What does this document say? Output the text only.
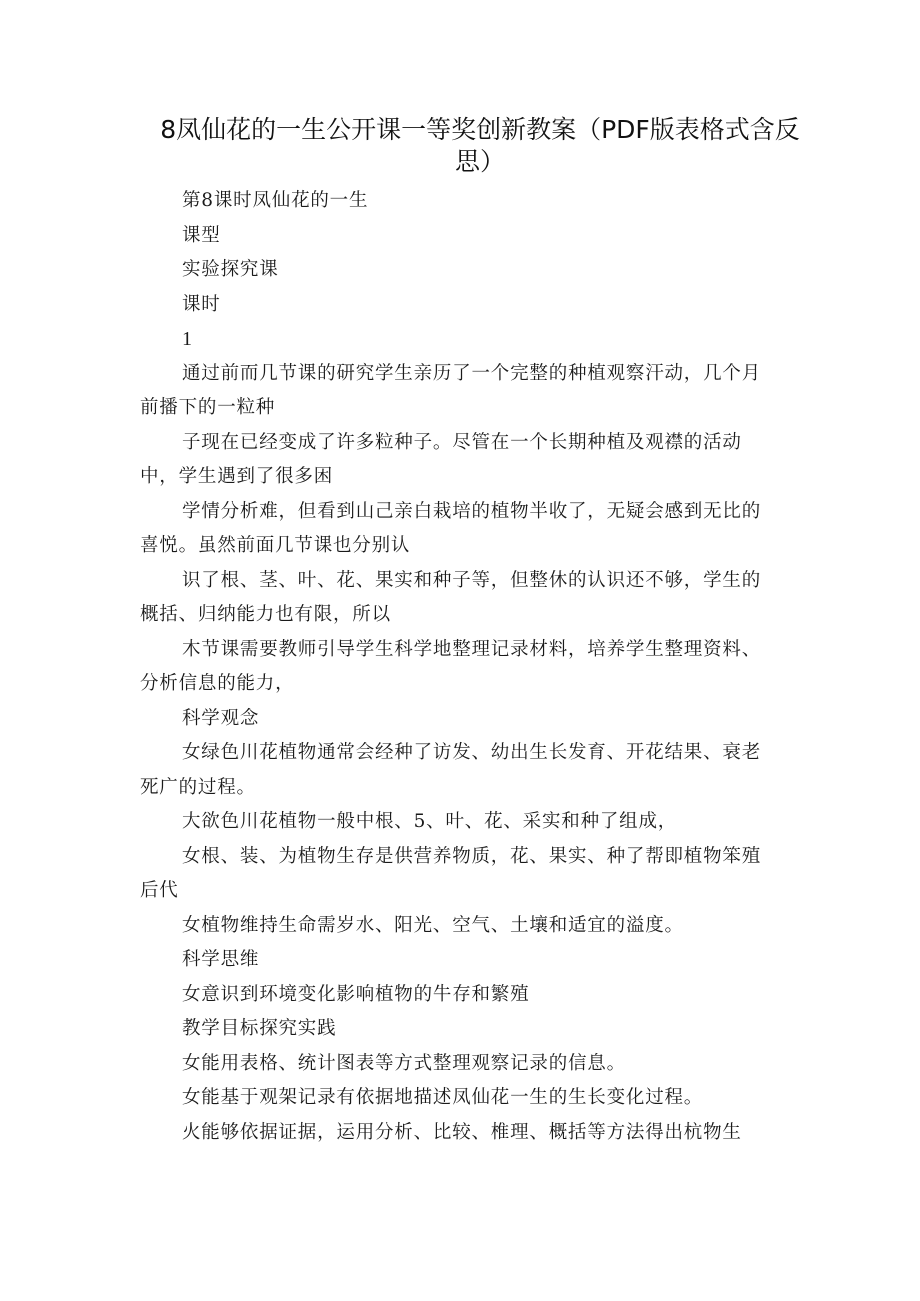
8凤仙花的一生公开课一等奖创新教案（PDF版表格式含反思）

第8课时凤仙花的一生

课型

实验探究课

课时

1

通过前而几节课的研究学生亲历了一个完整的种植观察汗动，几个月前播下的一粒种

子现在已经变成了许多粒种子。尽管在一个长期种植及观襟的活动中，学生遇到了很多困

学情分析难，但看到山己亲白栽培的植物半收了，无疑会感到无比的喜悦。虽然前面几节课也分别认

识了根、茎、叶、花、果实和种子等，但整休的认识还不够，学生的概括、归纳能力也有限，所以

木节课需要教师引导学生科学地整理记录材料，培养学生整理资料、分析信息的能力，

科学观念

女绿色川花植物通常会经种了访发、幼出生长发育、开花结果、衰老死广的过程。

大欲色川花植物一般中根、5、叶、花、采实和种了组成，

女根、装、为植物生存是供营养物质，花、果实、种了帮即植物笨殖后代

女植物维持生命需岁水、阳光、空气、土壤和适宜的溢度。

科学思维

女意识到环境变化影响植物的牛存和繁殖

教学目标探究实践

女能用表格、统计图表等方式整理观察记录的信息。

女能基于观架记录有依据地描述凤仙花一生的生长变化过程。

火能够依据证据，运用分析、比较、椎理、概括等方法得出杭物生
